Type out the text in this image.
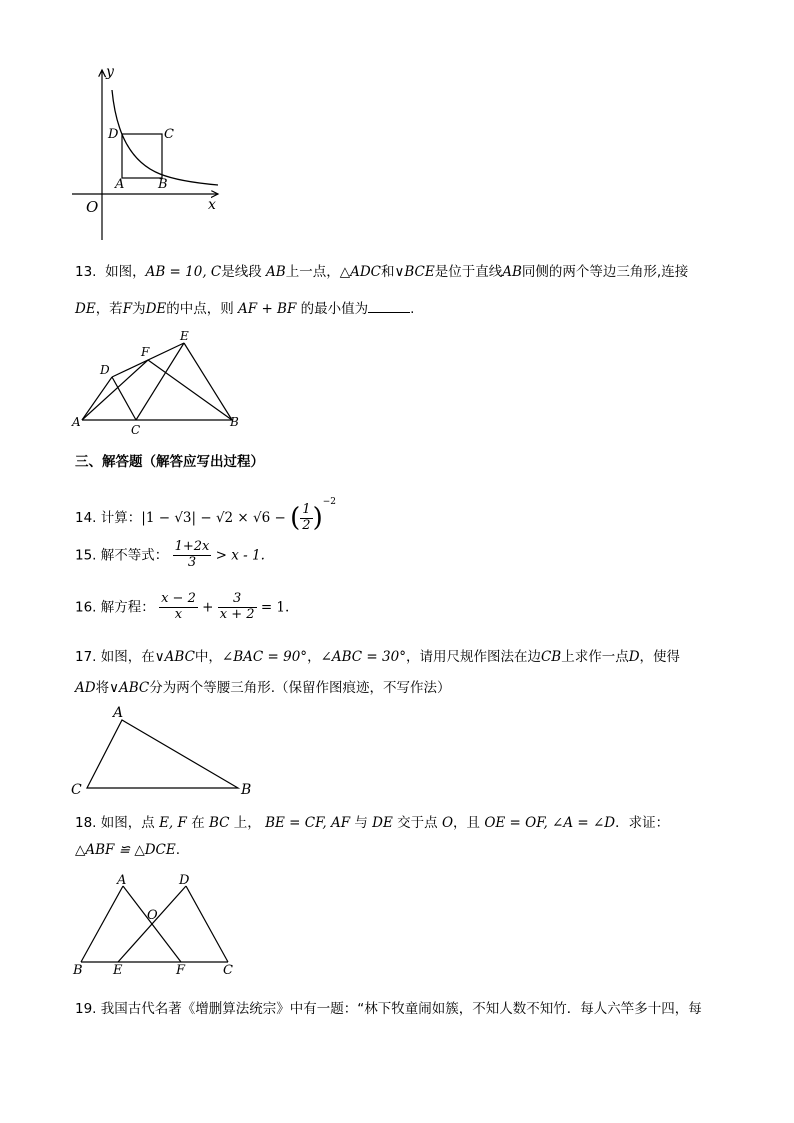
y
x
O
A	B
C
D
13. 如图，AB = 10, C是线段 AB上一点，△ADC和∨BCE是位于直线AB同侧的两个等边三角形,连接
DE，若F为DE的中点，则 AF + BF 的最小值为	.
A	B
C
D
E
F
三、解答题（解答应写出过程）
14. 计算：|1 − √3| − √2 × √6 − ( $\frac{1}{2} )^{-2}$
15. 解不等式： $\frac{1+2x}{3} > x - 1$.
16. 解方程： $\frac{x - 2}{x} + \frac{3}{x + 2} = 1$.
17. 如图，在∨ABC中，∠BAC = 90°，∠ABC = 30°，请用尺规作图法在边CB上求作一点D，使得
AD将∨ABC分为两个等腰三角形.（保留作图痕迹，不写作法）
A
B
C
18. 如图，点 E, F 在 BC 上， BE = CF, AF 与 DE 交于点 O，且 OE = OF, ∠A = ∠D．求证：
△ABF ≌ △DCE.
A	D
O
B E	F	C
19. 我国古代名著《增删算法统宗》中有一题：“林下牧童闹如簇，不知人数不知竹．每人六竿多十四，每
